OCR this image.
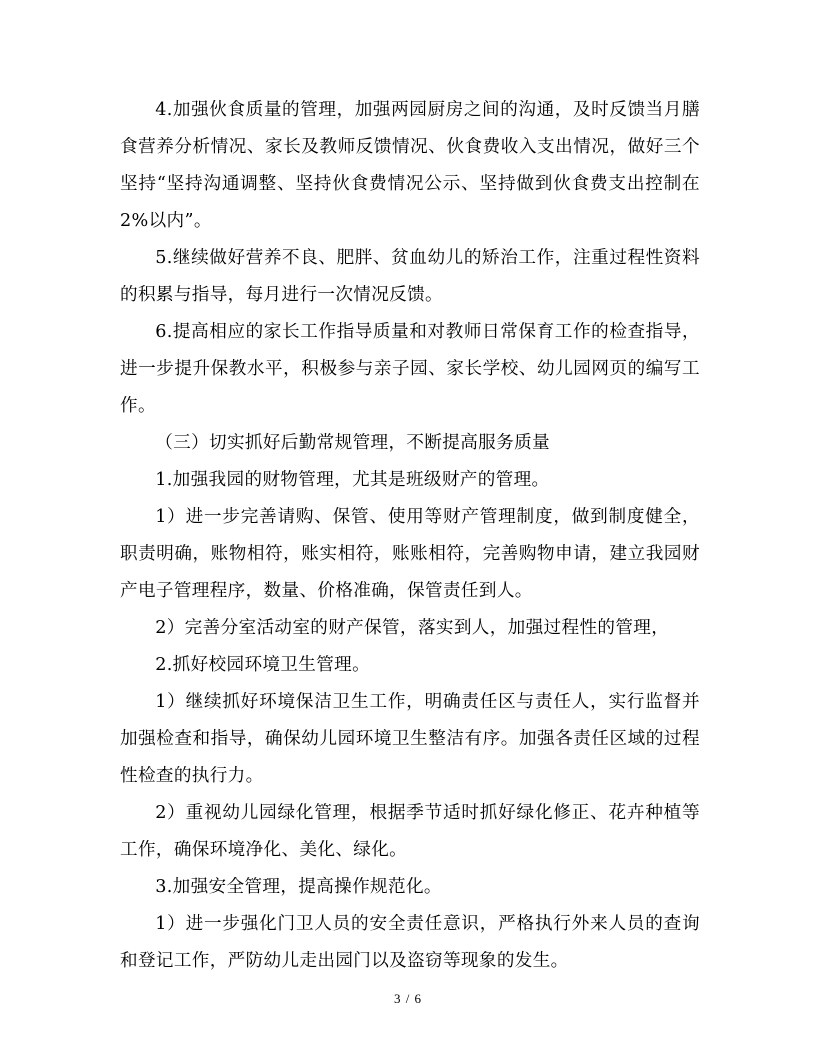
4.加强伙食质量的管理，加强两园厨房之间的沟通，及时反馈当月膳食营养分析情况、家长及教师反馈情况、伙食费收入支出情况，做好三个坚持“坚持沟通调整、坚持伙食费情况公示、坚持做到伙食费支出控制在2%以内”。

5.继续做好营养不良、肥胖、贫血幼儿的矫治工作，注重过程性资料的积累与指导，每月进行一次情况反馈。

6.提高相应的家长工作指导质量和对教师日常保育工作的检查指导，进一步提升保教水平，积极参与亲子园、家长学校、幼儿园网页的编写工作。

（三）切实抓好后勤常规管理，不断提高服务质量

1.加强我园的财物管理，尤其是班级财产的管理。

1）进一步完善请购、保管、使用等财产管理制度，做到制度健全，职责明确，账物相符，账实相符，账账相符，完善购物申请，建立我园财产电子管理程序，数量、价格准确，保管责任到人。

2）完善分室活动室的财产保管，落实到人，加强过程性的管理，

2.抓好校园环境卫生管理。

1）继续抓好环境保洁卫生工作，明确责任区与责任人，实行监督并加强检查和指导，确保幼儿园环境卫生整洁有序。加强各责任区域的过程性检查的执行力。

2）重视幼儿园绿化管理，根据季节适时抓好绿化修正、花卉种植等工作，确保环境净化、美化、绿化。

3.加强安全管理，提高操作规范化。

1）进一步强化门卫人员的安全责任意识，严格执行外来人员的查询和登记工作，严防幼儿走出园门以及盗窃等现象的发生。

3 / 6
